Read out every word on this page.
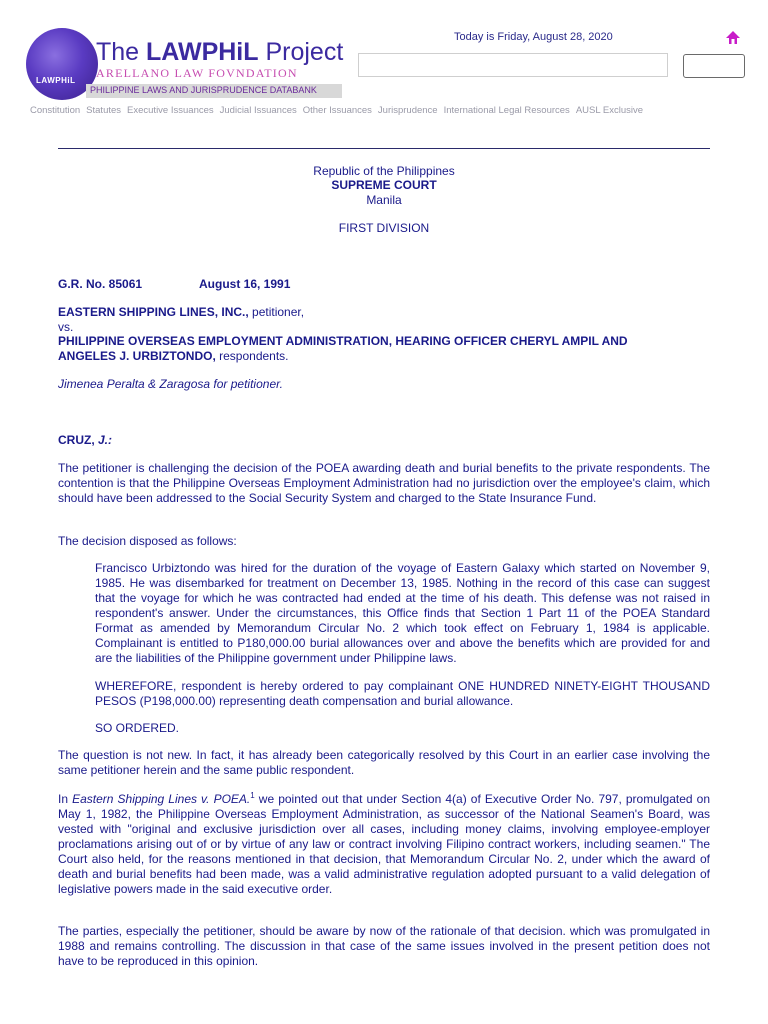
LAWPHiL
The LAWPHiL Project
ARELLANO LAW FOVNDATION
PHILIPPINE LAWS AND JURISPRUDENCE DATABANK
Today is Friday, August 28, 2020
Constitution Statutes Executive Issuances Judicial Issuances Other Issuances Jurisprudence International Legal Resources AUSL Exclusive
Republic of the Philippines
SUPREME COURT
Manila
FIRST DIVISION
G.R. No. 85061	August 16, 1991
EASTERN SHIPPING LINES, INC., petitioner,
vs.
PHILIPPINE OVERSEAS EMPLOYMENT ADMINISTRATION, HEARING OFFICER CHERYL AMPIL AND
ANGELES J. URBIZTONDO, respondents.
Jimenea Peralta & Zaragosa for petitioner.
CRUZ, J.:
The petitioner is challenging the decision of the POEA awarding death and burial benefits to the private respondents. The contention is that the Philippine Overseas Employment Administration had no jurisdiction over the employee's claim, which should have been addressed to the Social Security System and charged to the State Insurance Fund.
The decision disposed as follows:
Francisco Urbiztondo was hired for the duration of the voyage of Eastern Galaxy which started on November 9, 1985. He was disembarked for treatment on December 13, 1985. Nothing in the record of this case can suggest that the voyage for which he was contracted had ended at the time of his death. This defense was not raised in respondent's answer. Under the circumstances, this Office finds that Section 1 Part 11 of the POEA Standard Format as amended by Memorandum Circular No. 2 which took effect on February 1, 1984 is applicable. Complainant is entitled to P180,000.00 burial allowances over and above the benefits which are provided for and are the liabilities of the Philippine government under Philippine laws.
WHEREFORE, respondent is hereby ordered to pay complainant ONE HUNDRED NINETY-EIGHT THOUSAND PESOS (P198,000.00) representing death compensation and burial allowance.
SO ORDERED.
The question is not new. In fact, it has already been categorically resolved by this Court in an earlier case involving the same petitioner herein and the same public respondent.
In Eastern Shipping Lines v. POEA.$^1$ we pointed out that under Section 4(a) of Executive Order No. 797, promulgated on May 1, 1982, the Philippine Overseas Employment Administration, as successor of the National Seamen's Board, was vested with "original and exclusive jurisdiction over all cases, including money claims, involving employee-employer proclamations arising out of or by virtue of any law or contract involving Filipino contract workers, including seamen." The Court also held, for the reasons mentioned in that decision, that Memorandum Circular No. 2, under which the award of death and burial benefits had been made, was a valid administrative regulation adopted pursuant to a valid delegation of legislative powers made in the said executive order.
The parties, especially the petitioner, should be aware by now of the rationale of that decision. which was promulgated in 1988 and remains controlling. The discussion in that case of the same issues involved in the present petition does not have to be reproduced in this opinion.
